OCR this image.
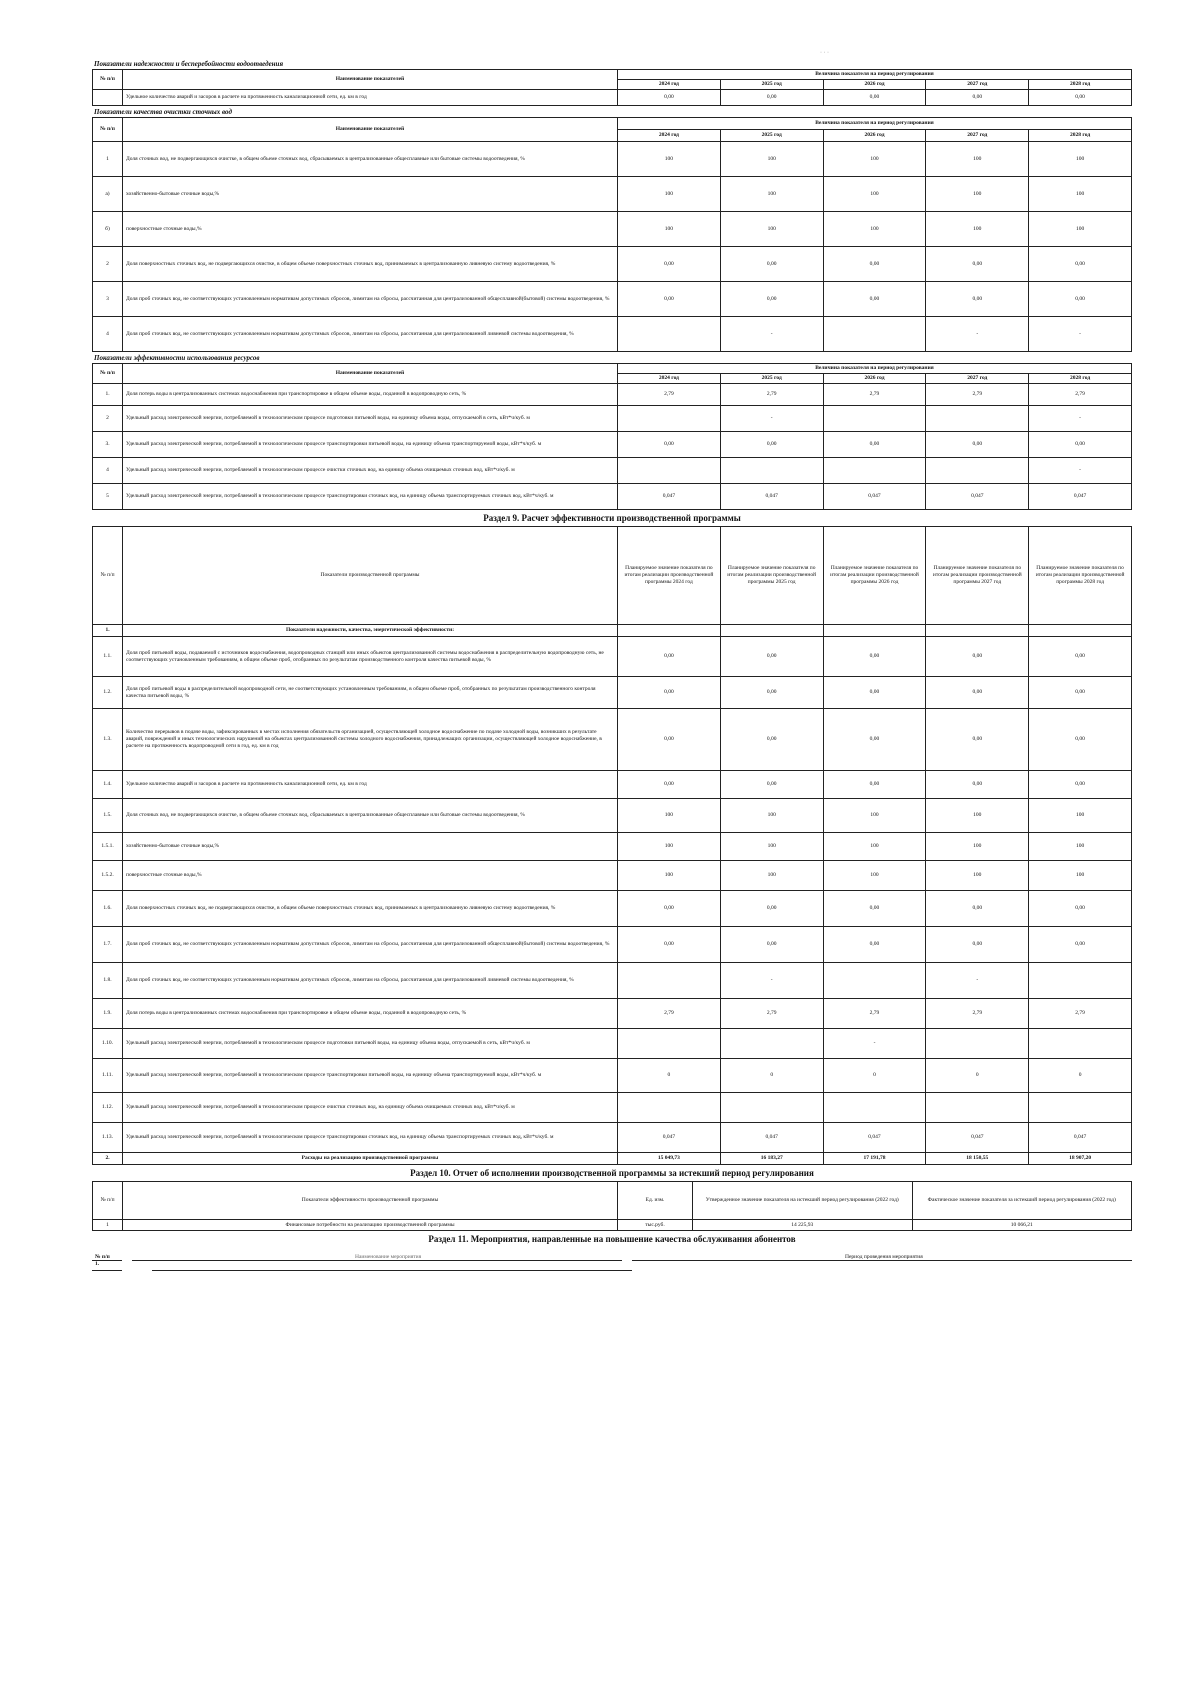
· · ·
Показатели надежности и бесперебойности водоотведения
№ п/п	Наименование показателей	Величина показателя на период регулирования				
		2024 год	2025 год	2026 год	2027 год	2028 год
	Удельное количество аварий и засоров в расчете на протяженность канализационной сети, ед. км в год	0,00	0,00	0,00	0,00	0,00
Показатели качества очистки сточных вод
№ п/п	Наименование показателей	Величина показателя на период регулирования				
		2024 год	2025 год	2026 год	2027 год	2028 год
1	Доля сточных вод, не подвергающихся очистке, в общем объеме сточных вод, сбрасываемых в централизованные общесплавные или бытовые системы водоотведения, %	100	100	100	100	100
а)	хозяйственно-бытовые сточные воды,%	100	100	100	100	100
б)	поверхностные сточные воды,%	100	100	100	100	100
2	Доля поверхностных сточных вод, не подвергающихся очистке, в общем объеме поверхностных сточных вод, принимаемых в централизованную ливневую систему водоотведения, %	0,00	0,00	0,00	0,00	0,00
3	Доля проб сточных вод, не соответствующих установленным нормативам допустимых сбросов, лимитам на сбросы, рассчитанная для централизованной общесплавной(бытовой) системы водоотведения, %	0,00	0,00	0,00	0,00	0,00
4	Доля проб сточных вод, не соответствующих установленным нормативам допустимых сбросов, лимитам на сбросы, рассчитанная для централизованной ливневой системы водоотведения, %		-		-	-
Показатели эффективности использования ресурсов
№ п/п	Наименование показателей	Величина показателя на период регулирования				
		2024 год	2025 год	2026 год	2027 год	2028 год
1.	Доля потерь воды в централизованных системах водоснабжения при транспортировке в общем объеме воды, поданной в водопроводную сеть, %	2,79	2,79	2,79	2,79	2,79
2	Удельный расход электрической энергии, потребляемой в технологическом процессе подготовки питьевой воды, на единицу объема воды, отпускаемой в сеть, кВт*ч/куб. м		-			-
3.	Удельный расход электрической энергии, потребляемой в технологическом процессе транспортировки питьевой воды, на единицу объема транспортируемой воды, кВт*ч/куб. м	0,00	0,00	0,00	0,00	0,00
4	Удельный расход электрической энергии, потребляемой в технологическом процессе очистки сточных вод, на единицу объема очищаемых сточных вод, кВт*ч/куб. м					-
5	Удельный расход электрической энергии, потребляемой в технологическом процессе транспортировки сточных вод, на единицу объема транспортируемых сточных вод, кВт*ч/куб. м	0,047	0,047	0,047	0,047	0,047
Раздел 9. Расчет эффективности производственной программы
№ п/п	Показатели производственной программы	Планируемое значение показателя по итогам реализации производственной программы 2024 год	Планируемое значение показателя по итогам реализации производственной программы 2025 год	Планируемое значение показателя по итогам реализации производственной программы 2026 год	Планируемое значение показателя по итогам реализации производственной программы 2027 год	Планируемое значение показателя по итогам реализации производственной программы 2028 год
1.	Показатели надежности, качества, энергетической эффективности:					
1.1.	Доля проб питьевой воды, подаваемой с источников водоснабжения, водопроводных станций или иных объектов централизованной системы водоснабжения в распределительную водопроводную сеть, не соответствующих установленным требованиям, в общем объеме проб, отобранных по результатам производственного контроля качества питьевой воды, %	0,00	0,00	0,00	0,00	0,00
1.2.	Доля проб питьевой воды в распределительной водопроводной сети, не соответствующих установленным требованиям, в общем объеме проб, отобранных по результатам производственного контроля качества питьевой воды, %	0,00	0,00	0,00	0,00	0,00
1.3.	Количество перерывов в подаче воды, зафиксированных в местах исполнения обязательств организацией, осуществляющей холодное водоснабжение по подаче холодной воды, возникших в результате аварий, повреждений и иных технологических нарушений на объектах централизованной системы холодного водоснабжения, принадлежащих организации, осуществляющей холодное водоснабжение, в расчете на протяженность водопроводной сети в год, ед. км в год	0,00	0,00	0,00	0,00	0,00
1.4.	Удельное количество аварий и засоров в расчете на протяженность канализационной сети, ед. км в год	0,00	0,00	0,00	0,00	0,00
1.5.	Доля сточных вод, не подвергающихся очистке, в общем объеме сточных вод, сбрасываемых в централизованные общесплавные или бытовые системы водоотведения, %	100	100	100	100	100
1.5.1.	хозяйственно-бытовые сточные воды,%	100	100	100	100	100
1.5.2.	поверхностные сточные воды,%	100	100	100	100	100
1.6.	Доля поверхностных сточных вод, не подвергающихся очистке, в общем объеме поверхностных сточных вод, принимаемых в централизованную ливневую систему водоотведения, %	0,00	0,00	0,00	0,00	0,00
1.7.	Доля проб сточных вод, не соответствующих установленным нормативам допустимых сбросов, лимитам на сбросы, рассчитанная для централизованной общесплавной(бытовой) системы водоотведения, %	0,00	0,00	0,00	0,00	0,00
1.8.	Доля проб сточных вод, не соответствующих установленным нормативам допустимых сбросов, лимитам на сбросы, рассчитанная для централизованной ливневой системы водоотведения, %		-		-	
1.9.	Доля потерь воды в централизованных системах водоснабжения при транспортировке в общем объеме воды, поданной в водопроводную сеть, %	2,79	2,79	2,79	2,79	2,79
1.10.	Удельный расход электрической энергии, потребляемой в технологическом процессе подготовки питьевой воды, на единицу объема воды, отпускаемой в сеть, кВт*ч/куб. м			-		
1.11.	Удельный расход электрической энергии, потребляемой в технологическом процессе транспортировки питьевой воды, на единицу объема транспортируемой воды, кВт*ч/куб. м	0	0	0	0	0
1.12.	Удельный расход электрической энергии, потребляемой в технологическом процессе очистки сточных вод, на единицу объема очищаемых сточных вод, кВт*ч/куб. м					
1.13.	Удельный расход электрической энергии, потребляемой в технологическом процессе транспортировки сточных вод, на единицу объема транспортируемых сточных вод, кВт*ч/куб. м	0,047	0,047	0,047	0,047	0,047
2.	Расходы на реализацию производственной программы	15 049,73	16 183,27	17 191,78	18 150,55	18 907,20
Раздел 10. Отчет об исполнении производственной программы за истекший период регулирования
№ п/п	Показатели эффективности производственной программы	Ед. изм.	Утвержденное значение показателя на истекший период регулирования (2022 год)	Фактическое значение показателя за истекший период регулирования (2022 год)
1	Финансовые потребности на реализацию производственной программы	тыс.руб.	14 225,93	10 066,21
Раздел 11. Мероприятия, направленные на повышение качества обслуживания абонентов
№ п/п	Наименование мероприятия	Период проведения мероприятия
1.
